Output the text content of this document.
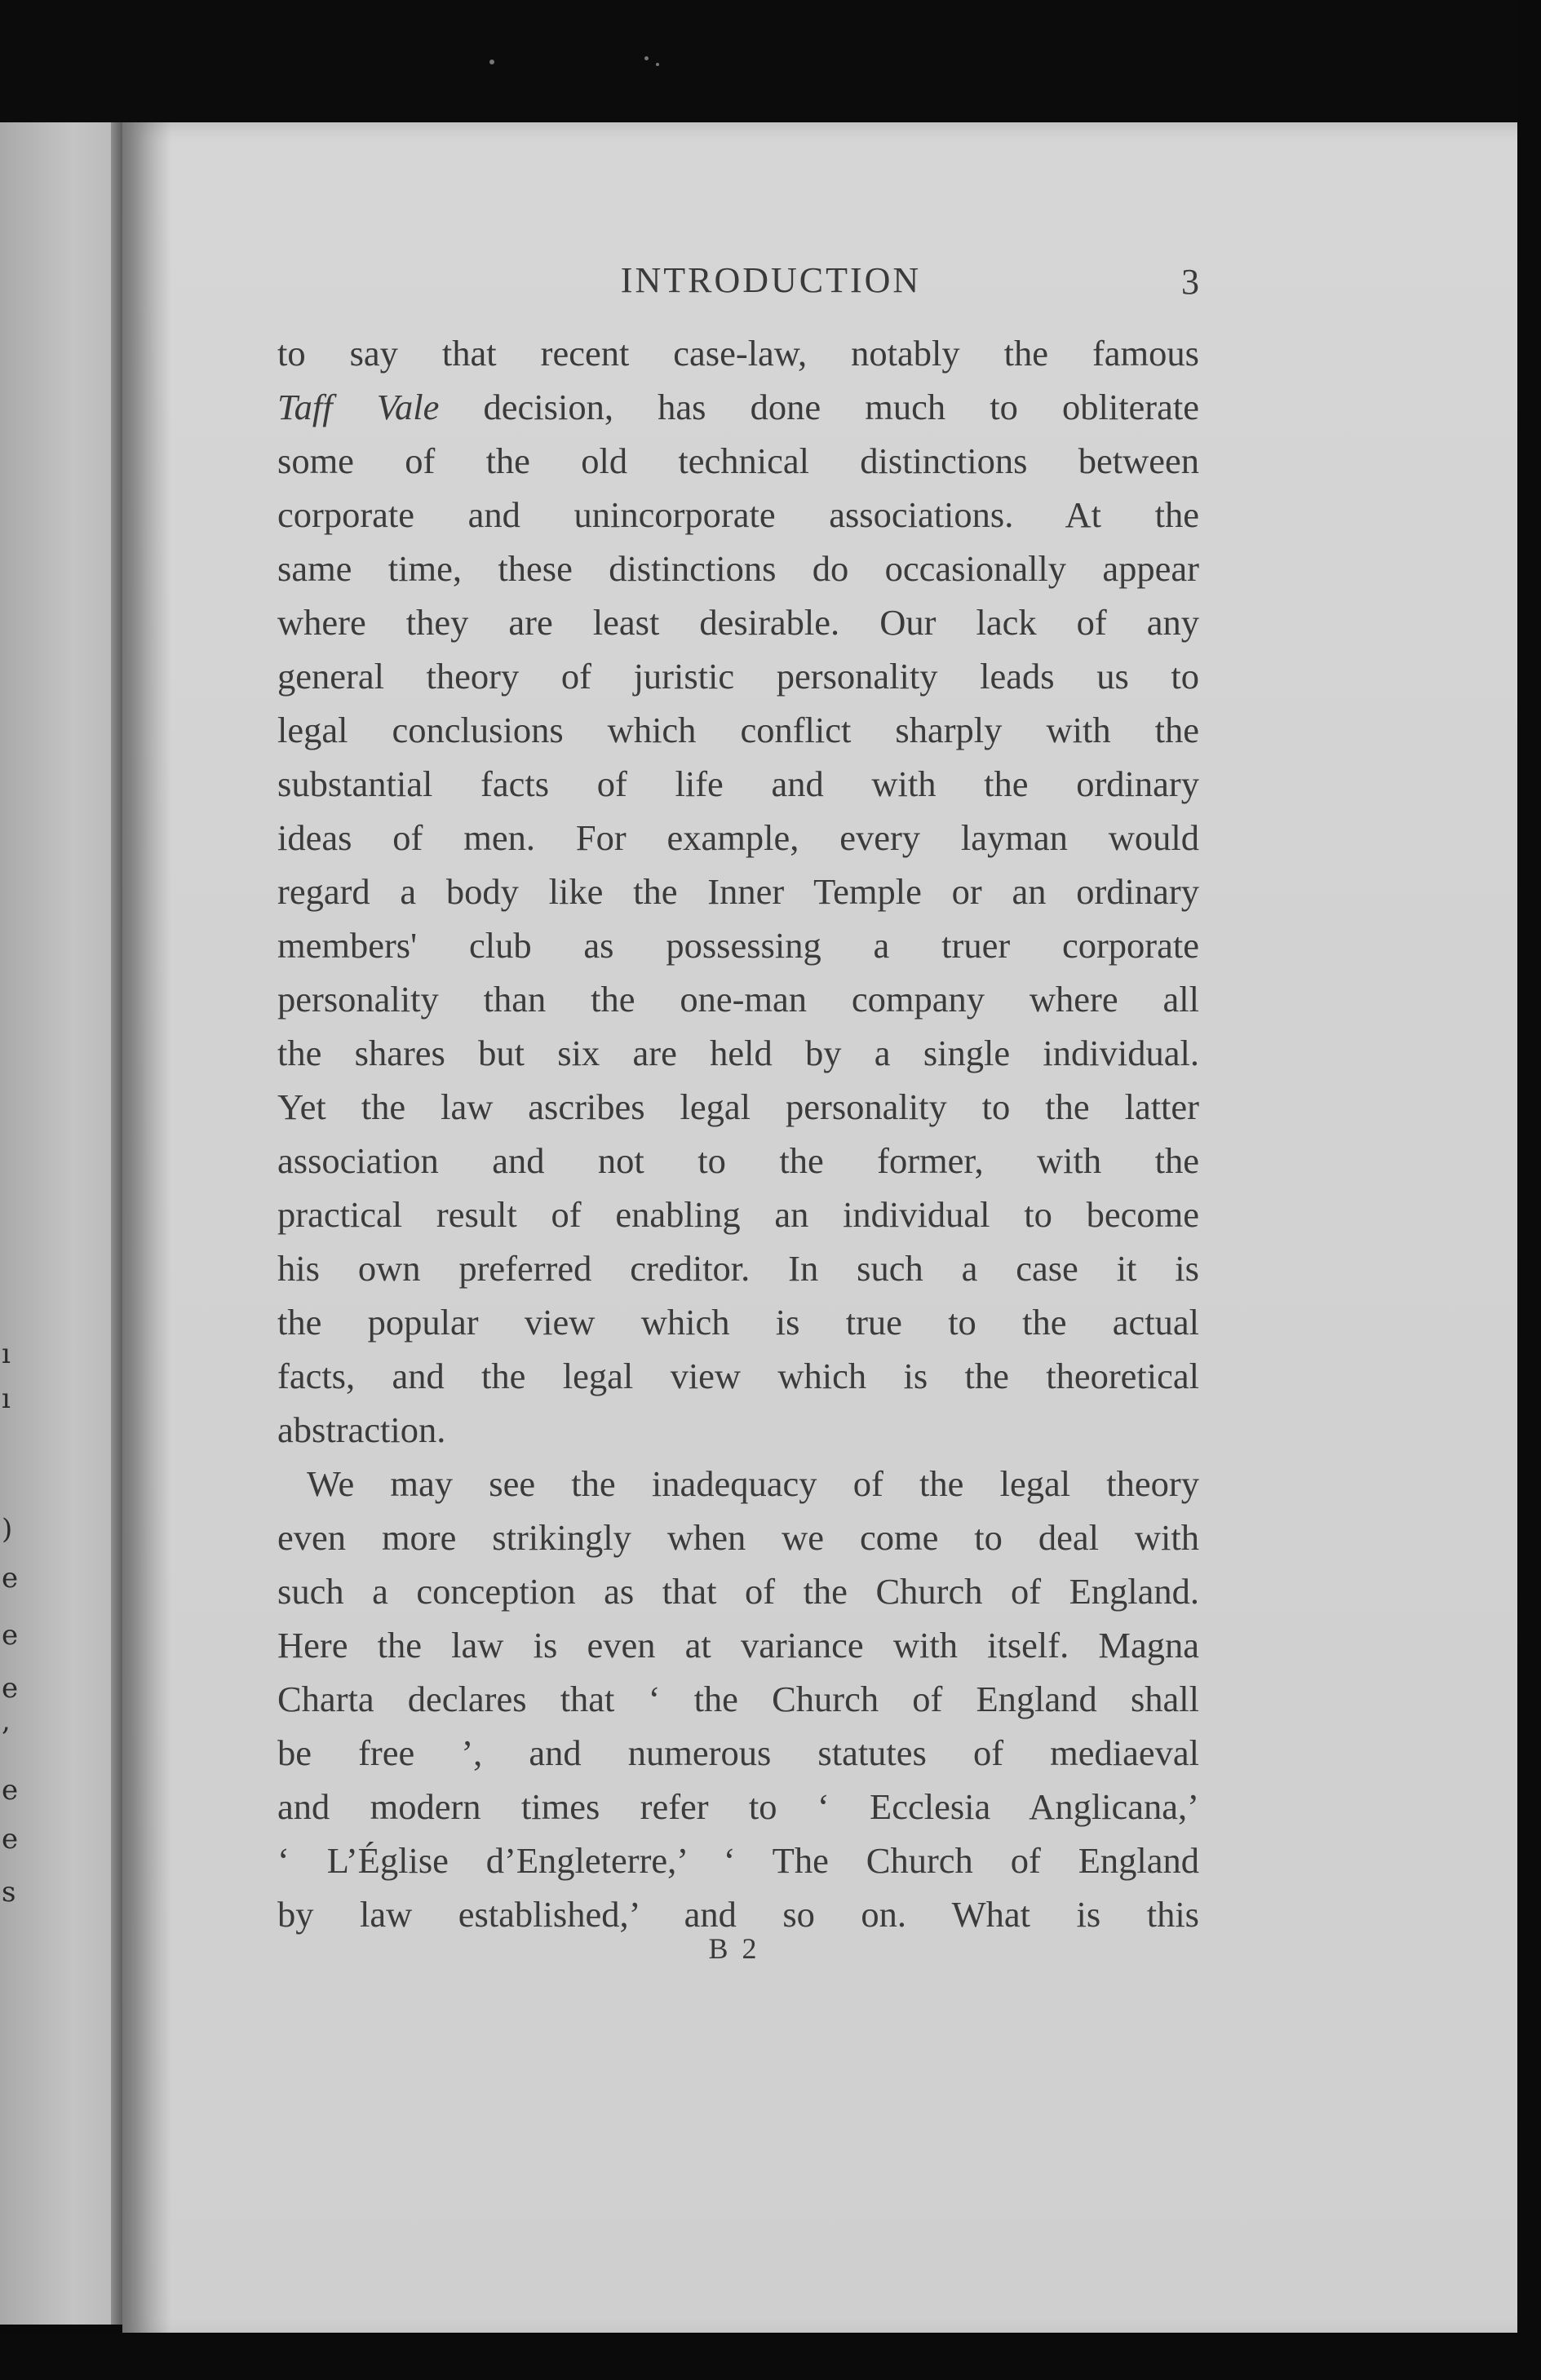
ı
ı
)
e
e
e
,
e
e
s
INTRODUCTION	3
to say that recent case-law, notably the famous
Taff Vale decision, has done much to obliterate
some of the old technical distinctions between
corporate and unincorporate associations. At the
same time, these distinctions do occasionally appear
where they are least desirable. Our lack of any
general theory of juristic personality leads us to
legal conclusions which conflict sharply with the
substantial facts of life and with the ordinary
ideas of men. For example, every layman would
regard a body like the Inner Temple or an ordinary
members' club as possessing a truer corporate
personality than the one-man company where all
the shares but six are held by a single individual.
Yet the law ascribes legal personality to the latter
association and not to the former, with the
practical result of enabling an individual to become
his own preferred creditor. In such a case it is
the popular view which is true to the actual
facts, and the legal view which is the theoretical
abstraction.
We may see the inadequacy of the legal theory
even more strikingly when we come to deal with
such a conception as that of the Church of England.
Here the law is even at variance with itself. Magna
Charta declares that ‘ the Church of England shall
be free ’, and numerous statutes of mediaeval
and modern times refer to ‘ Ecclesia Anglicana,’
‘ L’Église d’Engleterre,’ ‘ The Church of England
by law established,’ and so on. What is this
B 2
